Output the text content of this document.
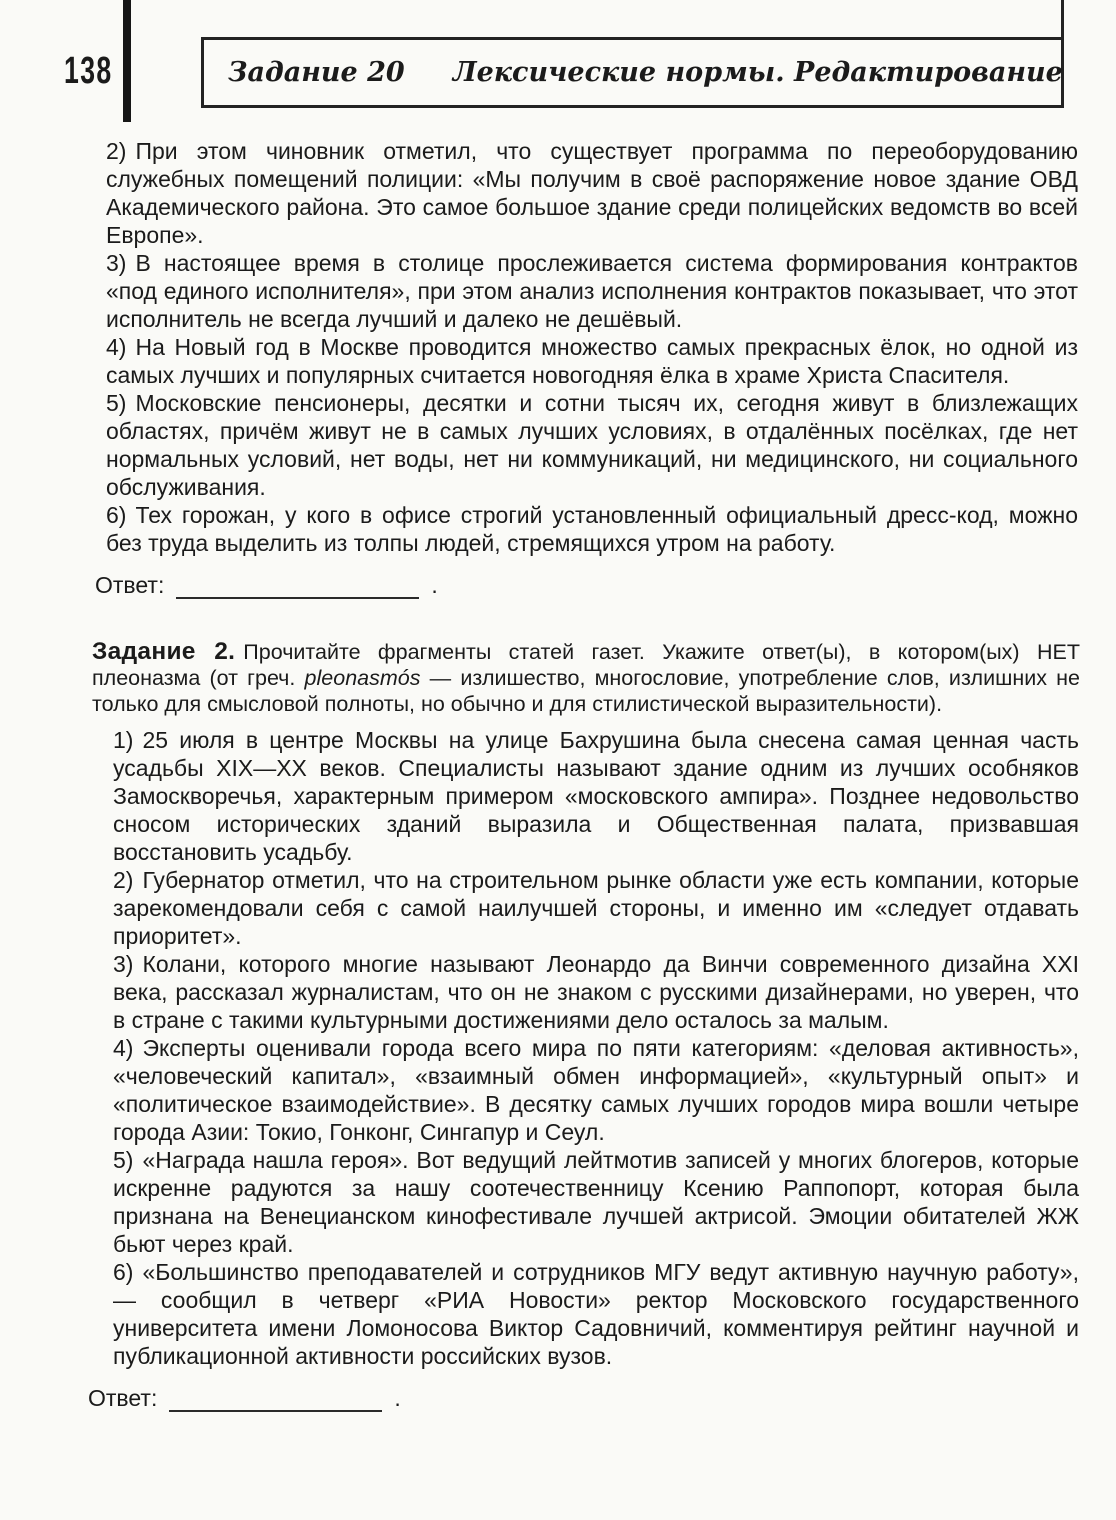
138	Задание 20 Лексические нормы. Редактирование

2) При этом чиновник отметил, что существует программа по переоборудованию служебных помещений полиции: «Мы получим в своё распоряжение новое здание ОВД Академического района. Это самое большое здание среди полицейских ведомств во всей Европе».

3) В настоящее время в столице прослеживается система формирования контрактов «под единого исполнителя», при этом анализ исполнения контрактов показывает, что этот исполнитель не всегда лучший и далеко не дешёвый.

4) На Новый год в Москве проводится множество самых прекрасных ёлок, но одной из самых лучших и популярных считается новогодняя ёлка в храме Христа Спасителя.

5) Московские пенсионеры, десятки и сотни тысяч их, сегодня живут в близлежащих областях, причём живут не в самых лучших условиях, в отдалённых посёлках, где нет нормальных условий, нет воды, нет ни коммуникаций, ни медицинского, ни социального обслуживания.

6) Тех горожан, у кого в офисе строгий установленный официальный дресс-код, можно без труда выделить из толпы людей, стремящихся утром на работу.

Ответ:	.
Задание 2. Прочитайте фрагменты статей газет. Укажите ответ(ы), в котором(ых) НЕТ плеоназма (от греч. pleonasmós — излишество, многословие, употребление слов, излишних не только для смысловой полноты, но обычно и для стилистической выразительности).

1) 25 июля в центре Москвы на улице Бахрушина была снесена самая ценная часть усадьбы XIX—XX веков. Специалисты называют здание одним из лучших особняков Замоскворечья, характерным примером «московского ампира». Позднее недовольство сносом исторических зданий выразила и Общественная палата, призвавшая восстановить усадьбу.

2) Губернатор отметил, что на строительном рынке области уже есть компании, которые зарекомендовали себя с самой наилучшей стороны, и именно им «следует отдавать приоритет».

3) Колани, которого многие называют Леонардо да Винчи современного дизайна XXI века, рассказал журналистам, что он не знаком с русскими дизайнерами, но уверен, что в стране с такими культурными достижениями дело осталось за малым.

4) Эксперты оценивали города всего мира по пяти категориям: «деловая активность», «человеческий капитал», «взаимный обмен информацией», «культурный опыт» и «политическое взаимодействие». В десятку самых лучших городов мира вошли четыре города Азии: Токио, Гонконг, Сингапур и Сеул.

5) «Награда нашла героя». Вот ведущий лейтмотив записей у многих блогеров, которые искренне радуются за нашу соотечественницу Ксению Раппопорт, которая была признана на Венецианском кинофестивале лучшей актрисой. Эмоции обитателей ЖЖ бьют через край.

6) «Большинство преподавателей и сотрудников МГУ ведут активную научную работу», — сообщил в четверг «РИА Новости» ректор Московского государственного университета имени Ломоносова Виктор Садовничий, комментируя рейтинг научной и публикационной активности российских вузов.

Ответ:	.
